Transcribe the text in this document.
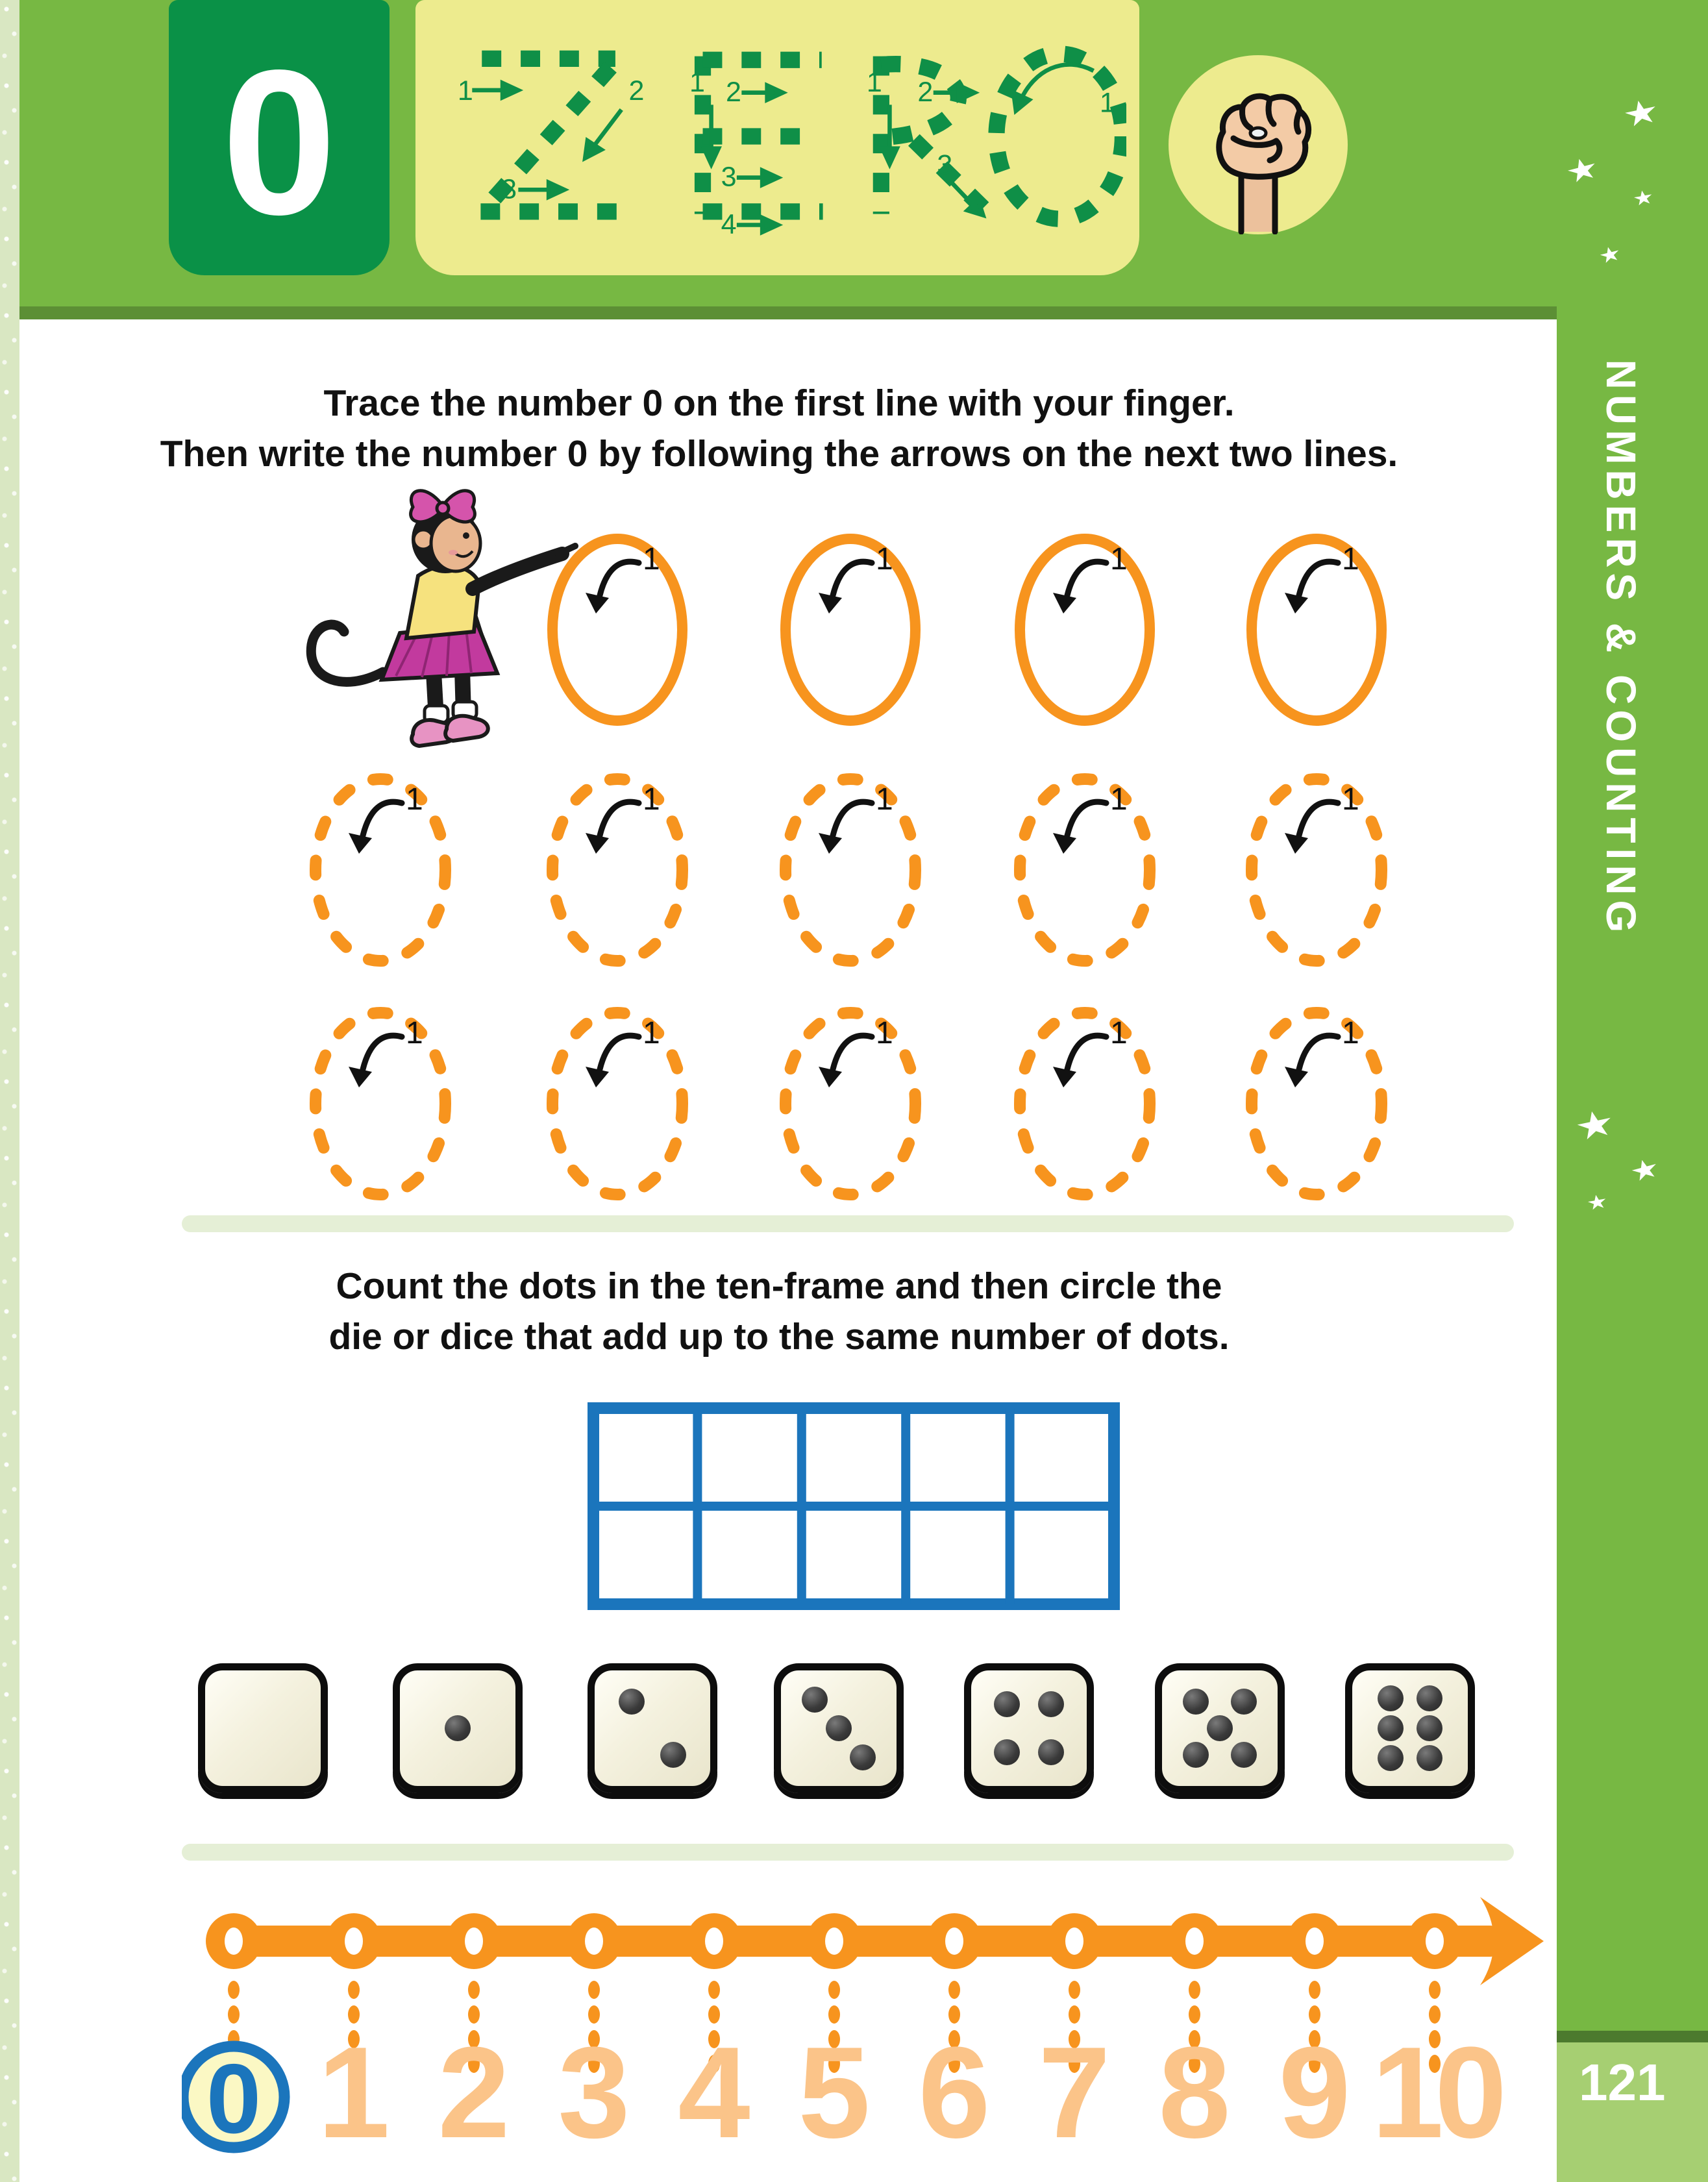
0	1	2
3
1 2
3
4
1 2
3
1
NUMBERS & COUNTING
★
★
★
★
★
★
★
121
Trace the number 0 on the first line with your finger.
Then write the number 0 by following the arrows on the next two lines.
1	1	1	1
1	1	1	1	1
1	1	1	1	1
Count the dots in the ten-frame and then circle the
die or dice that add up to the same number of dots.
0 1 2 3 4 5 6 7 8 9 10
